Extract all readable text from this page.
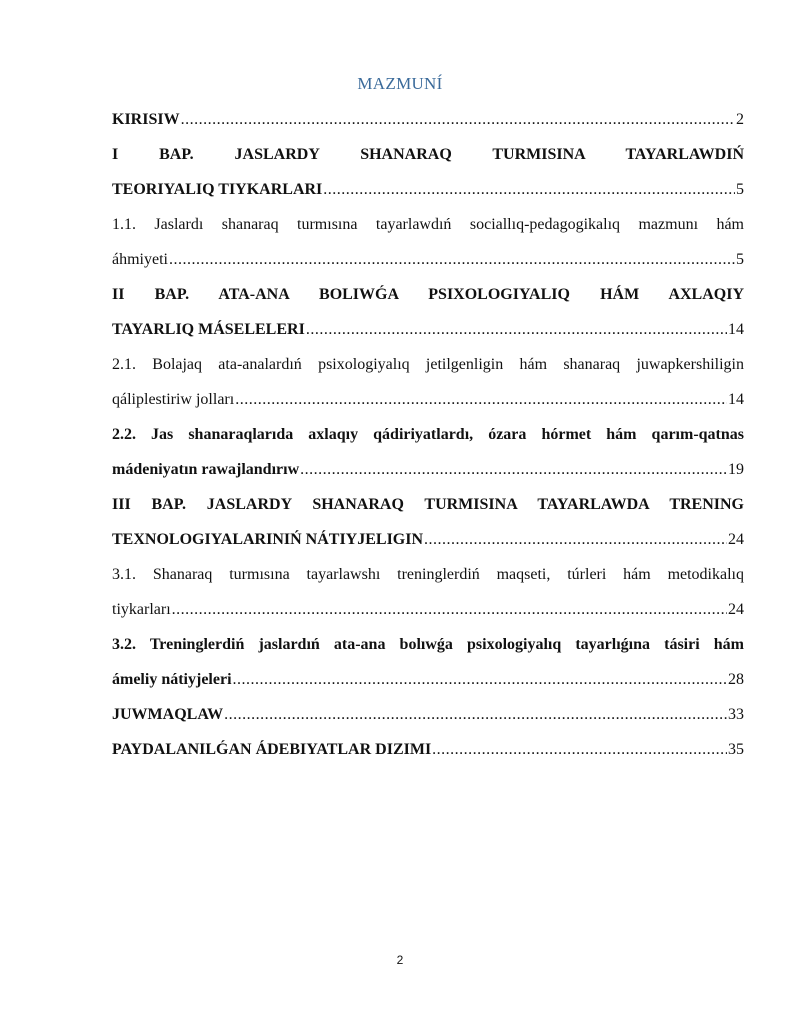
MAZMUNÍ
KIRISIW .....	2
I BAP. JASLARDY SHANARAQ TURMISINA TAYARLAWDIŃ
TEORIYALIQ TIYKARLARI .....	5
1.1. Jaslardı shanaraq turmısına tayarlawdıń sociallıq-pedagogikalıq mazmunı hám
áhmiyeti .....	5
II BAP. ATA-ANA BOLIWǴA PSIXOLOGIYALIQ HÁM AXLAQIY
TAYARLIQ MÁSELELERI .....	14
2.1. Bolajaq ata-analardıń psixologiyalıq jetilgenligin hám shanaraq juwapkershiligin
qáliplestiriw jolları .....	14
2.2. Jas shanaraqlarıda axlaqıy qádiriyatlardı, ózara hórmet hám qarım-qatnas
mádeniyatın rawajlandırıw .....	19
III BAP. JASLARDY SHANARAQ TURMISINA TAYARLAWDA TRENING
TEXNOLOGIYALARINIŃ NÁTIYJELIGIN .....	24
3.1. Shanaraq turmısına tayarlawshı treninglerdiń maqseti, túrleri hám metodikalıq
tiykarları .....	24
3.2. Treninglerdiń jaslardıń ata-ana bolıwǵa psixologiyalıq tayarlıǵına tásiri hám
ámeliy nátiyjeleri .....	28
JUWMAQLAW .....	33
PAYDALANILǴAN ÁDEBIYATLAR DIZIMI .....	35
2
